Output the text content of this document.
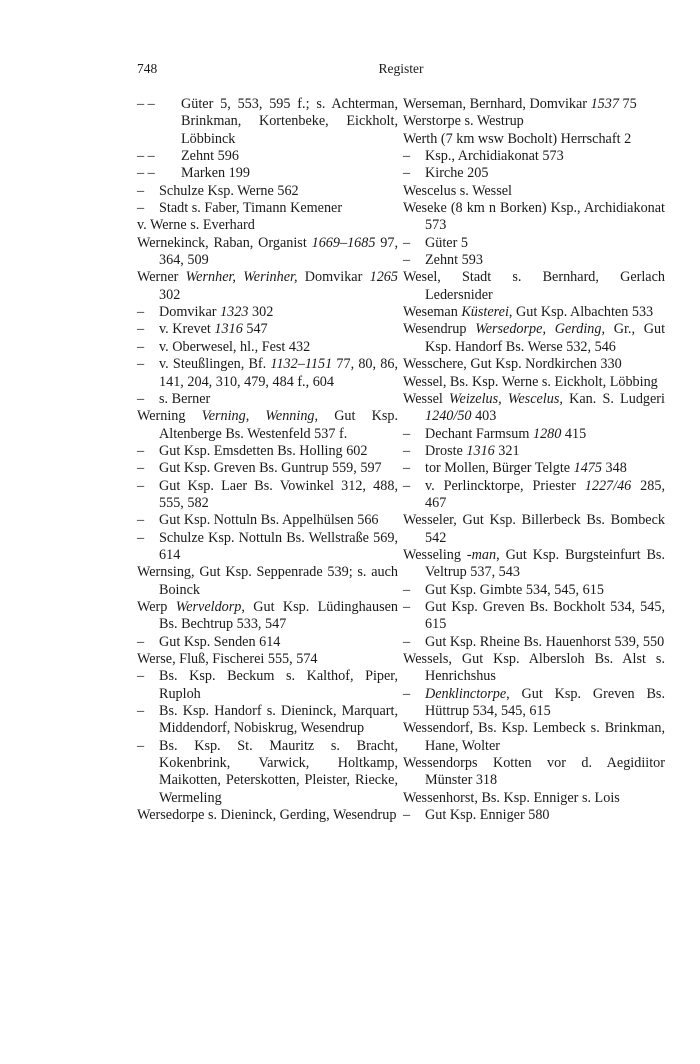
748	Register

– – Güter 5, 553, 595 f.; s. Achterman, Brinkman, Kortenbeke, Eickholt, Löbbinck

– – Zehnt 596

– – Marken 199

– Schulze Ksp. Werne 562

– Stadt s. Faber, Timann Kemener

v. Werne s. Everhard

Wernekinck, Raban, Organist 1669–1685 97, 364, 509

Werner Wernher, Werinher, Domvikar 1265 302

– Domvikar 1323 302

– v. Krevet 1316 547

– v. Oberwesel, hl., Fest 432

– v. Steußlingen, Bf. 1132–1151 77, 80, 86, 141, 204, 310, 479, 484 f., 604

– s. Berner

Werning Verning, Wenning, Gut Ksp. Altenberge Bs. Westenfeld 537 f.

– Gut Ksp. Emsdetten Bs. Holling 602

– Gut Ksp. Greven Bs. Guntrup 559, 597

– Gut Ksp. Laer Bs. Vowinkel 312, 488, 555, 582

– Gut Ksp. Nottuln Bs. Appelhülsen 566

– Schulze Ksp. Nottuln Bs. Wellstraße 569, 614

Wernsing, Gut Ksp. Seppenrade 539; s. auch Boinck

Werp Werveldorp, Gut Ksp. Lüdinghausen Bs. Bechtrup 533, 547

– Gut Ksp. Senden 614

Werse, Fluß, Fischerei 555, 574

– Bs. Ksp. Beckum s. Kalthof, Piper, Ruploh

– Bs. Ksp. Handorf s. Dieninck, Marquart, Middendorf, Nobiskrug, Wesendrup

– Bs. Ksp. St. Mauritz s. Bracht, Kokenbrink, Varwick, Holtkamp, Maikotten, Peterskotten, Pleister, Riecke, Wermeling

Wersedorpe s. Dieninck, Gerding, Wesendrup

Werseman, Bernhard, Domvikar 1537 75

Werstorpe s. Westrup

Werth (7 km wsw Bocholt) Herrschaft 2

– Ksp., Archidiakonat 573

– Kirche 205

Wescelus s. Wessel

Weseke (8 km n Borken) Ksp., Archidiakonat 573

– Güter 5

– Zehnt 593

Wesel, Stadt s. Bernhard, Gerlach Ledersnider

Weseman Küsterei, Gut Ksp. Albachten 533

Wesendrup Wersedorpe, Gerding, Gr., Gut Ksp. Handorf Bs. Werse 532, 546

Wesschere, Gut Ksp. Nordkirchen 330

Wessel, Bs. Ksp. Werne s. Eickholt, Löbbing

Wessel Weizelus, Wescelus, Kan. S. Ludgeri 1240/50 403

– Dechant Farmsum 1280 415

– Droste 1316 321

– tor Mollen, Bürger Telgte 1475 348

– v. Perlincktorpe, Priester 1227/46 285, 467

Wesseler, Gut Ksp. Billerbeck Bs. Bombeck 542

Wesseling -man, Gut Ksp. Burgsteinfurt Bs. Veltrup 537, 543

– Gut Ksp. Gimbte 534, 545, 615

– Gut Ksp. Greven Bs. Bockholt 534, 545, 615

– Gut Ksp. Rheine Bs. Hauenhorst 539, 550

Wessels, Gut Ksp. Albersloh Bs. Alst s. Henrichshus

– Denklinctorpe, Gut Ksp. Greven Bs. Hüttrup 534, 545, 615

Wessendorf, Bs. Ksp. Lembeck s. Brinkman, Hane, Wolter

Wessendorps Kotten vor d. Aegidiitor Münster 318

Wessenhorst, Bs. Ksp. Enniger s. Lois

– Gut Ksp. Enniger 580
